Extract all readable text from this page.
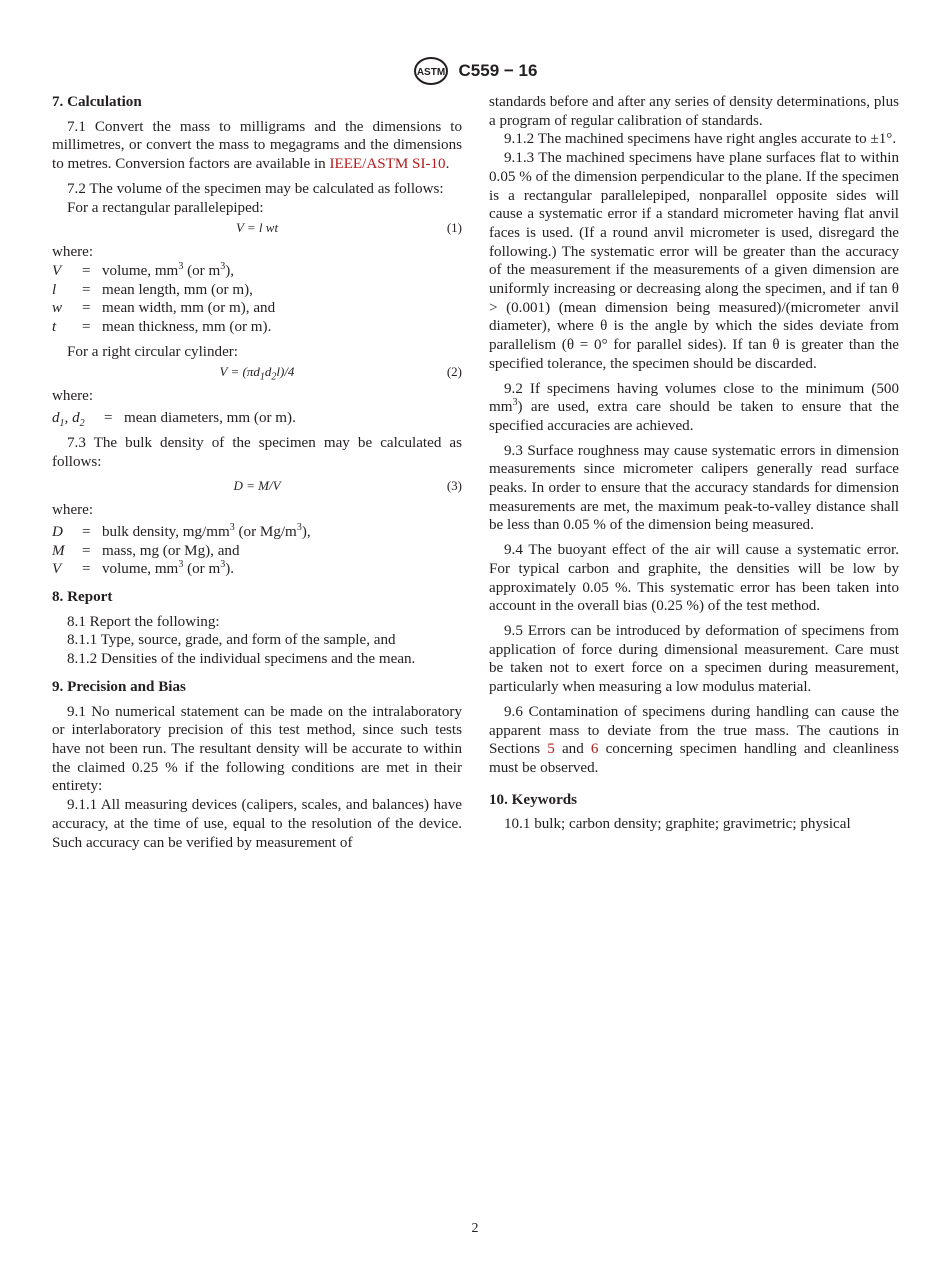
ASTM C559 − 16
7. Calculation

7.1 Convert the mass to milligrams and the dimensions to millimetres, or convert the mass to megagrams and the dimensions to metres. Conversion factors are available in IEEE/ASTM SI-10.

7.2 The volume of the specimen may be calculated as follows:

For a rectangular parallelepiped:

V = l wt	(1)

where:

V	= volume, $mm^3$ (or $m^3$),
l	= mean length, mm (or m),
w	= mean width, mm (or m), and
t	= mean thickness, mm (or m).

For a right circular cylinder:

$V = (\pi d_1d_2l)/4$	(2)

where:

$d_1$, $d_2$	= mean diameters, mm (or m).

7.3 The bulk density of the specimen may be calculated as follows:

D = M/V	(3)

where:

D	= bulk density, $mg/mm^3$ (or $Mg/m^3$),
M	= mass, mg (or Mg), and
V	= volume, $mm^3$ (or $m^3$).
8. Report

8.1 Report the following:

8.1.1 Type, source, grade, and form of the sample, and

8.1.2 Densities of the individual specimens and the mean.

9. Precision and Bias

9.1 No numerical statement can be made on the intralaboratory or interlaboratory precision of this test method, since such tests have not been run. The resultant density will be accurate to within the claimed 0.25 % if the following conditions are met in their entirety:

9.1.1 All measuring devices (calipers, scales, and balances) have accuracy, at the time of use, equal to the resolution of the device. Such accuracy can be verified by measurement of

standards before and after any series of density determinations, plus a program of regular calibration of standards.

9.1.2 The machined specimens have right angles accurate to ±1°.

9.1.3 The machined specimens have plane surfaces flat to within 0.05 % of the dimension perpendicular to the plane. If the specimen is a rectangular parallelepiped, nonparallel opposite sides will cause a systematic error if a standard micrometer having flat anvil faces is used. (If a round anvil micrometer is used, disregard the following.) The systematic error will be greater than the accuracy of the measurement if the measurements of a given dimension are uniformly increasing or decreasing along the specimen, and if tan θ > (0.001) (mean dimension being measured)/(micrometer anvil diameter), where θ is the angle by which the sides deviate from parallelism (θ = 0° for parallel sides). If tan θ is greater than the specified tolerance, the specimen should be discarded.

9.2 If specimens having volumes close to the minimum (500 $mm^3$) are used, extra care should be taken to ensure that the specified accuracies are achieved.

9.3 Surface roughness may cause systematic errors in dimension measurements since micrometer calipers generally read surface peaks. In order to ensure that the accuracy standards for dimension measurements are met, the maximum peak-to-valley distance shall be less than 0.05 % of the dimension being measured.

9.4 The buoyant effect of the air will cause a systematic error. For typical carbon and graphite, the densities will be low by approximately 0.05 %. This systematic error has been taken into account in the overall bias (0.25 %) of the test method.

9.5 Errors can be introduced by deformation of specimens from application of force during dimensional measurement. Care must be taken not to exert force on a specimen during measurement, particularly when measuring a low modulus material.

9.6 Contamination of specimens during handling can cause the apparent mass to deviate from the true mass. The cautions in Sections 5 and 6 concerning specimen handling and cleanliness must be observed.

10. Keywords

10.1 bulk; carbon density; graphite; gravimetric; physical

2
